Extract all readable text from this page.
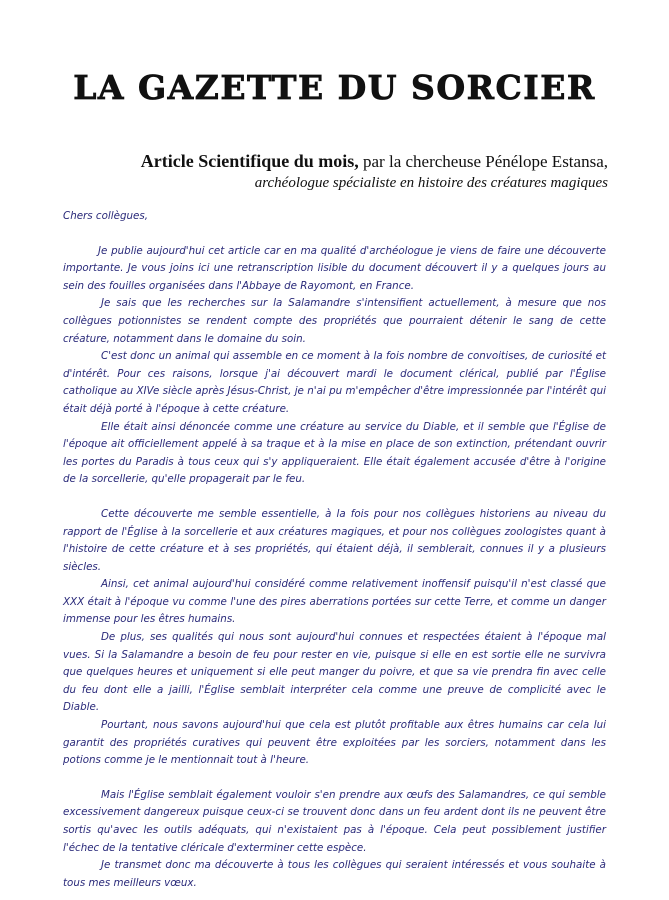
LA GAZETTE DU SORCIER
Article Scientifique du mois, par la chercheuse Pénélope Estansa,
archéologue spécialiste en histoire des créatures magiques

Chers collègues,

Je publie aujourd'hui cet article car en ma qualité d'archéologue je viens de faire une découverte importante. Je vous joins ici une retranscription lisible du document découvert il y a quelques jours au sein des fouilles organisées dans l'Abbaye de Rayomont, en France.

Je sais que les recherches sur la Salamandre s'intensifient actuellement, à mesure que nos collègues potionnistes se rendent compte des propriétés que pourraient détenir le sang de cette créature, notamment dans le domaine du soin.

C'est donc un animal qui assemble en ce moment à la fois nombre de convoitises, de curiosité et d'intérêt. Pour ces raisons, lorsque j'ai découvert mardi le document clérical, publié par l'Église catholique au XIVe siècle après Jésus-Christ, je n'ai pu m'empêcher d'être impressionnée par l'intérêt qui était déjà porté à l'époque à cette créature.

Elle était ainsi dénoncée comme une créature au service du Diable, et il semble que l'Église de l'époque ait officiellement appelé à sa traque et à la mise en place de son extinction, prétendant ouvrir les portes du Paradis à tous ceux qui s'y appliqueraient. Elle était également accusée d'être à l'origine de la sorcellerie, qu'elle propagerait par le feu.

Cette découverte me semble essentielle, à la fois pour nos collègues historiens au niveau du rapport de l'Église à la sorcellerie et aux créatures magiques, et pour nos collègues zoologistes quant à l'histoire de cette créature et à ses propriétés, qui étaient déjà, il semblerait, connues il y a plusieurs siècles.

Ainsi, cet animal aujourd'hui considéré comme relativement inoffensif puisqu'il n'est classé que XXX était à l'époque vu comme l'une des pires aberrations portées sur cette Terre, et comme un danger immense pour les êtres humains.

De plus, ses qualités qui nous sont aujourd'hui connues et respectées étaient à l'époque mal vues. Si la Salamandre a besoin de feu pour rester en vie, puisque si elle en est sortie elle ne survivra que quelques heures et uniquement si elle peut manger du poivre, et que sa vie prendra fin avec celle du feu dont elle a jailli, l'Église semblait interpréter cela comme une preuve de complicité avec le Diable.

Pourtant, nous savons aujourd'hui que cela est plutôt profitable aux êtres humains car cela lui garantit des propriétés curatives qui peuvent être exploitées par les sorciers, notamment dans les potions comme je le mentionnait tout à l'heure.

Mais l'Église semblait également vouloir s'en prendre aux œufs des Salamandres, ce qui semble excessivement dangereux puisque ceux-ci se trouvent donc dans un feu ardent dont ils ne peuvent être sortis qu'avec les outils adéquats, qui n'existaient pas à l'époque. Cela peut possiblement justifier l'échec de la tentative cléricale d'exterminer cette espèce.

Je transmet donc ma découverte à tous les collègues qui seraient intéressés et vous souhaite à tous mes meilleurs vœux.
